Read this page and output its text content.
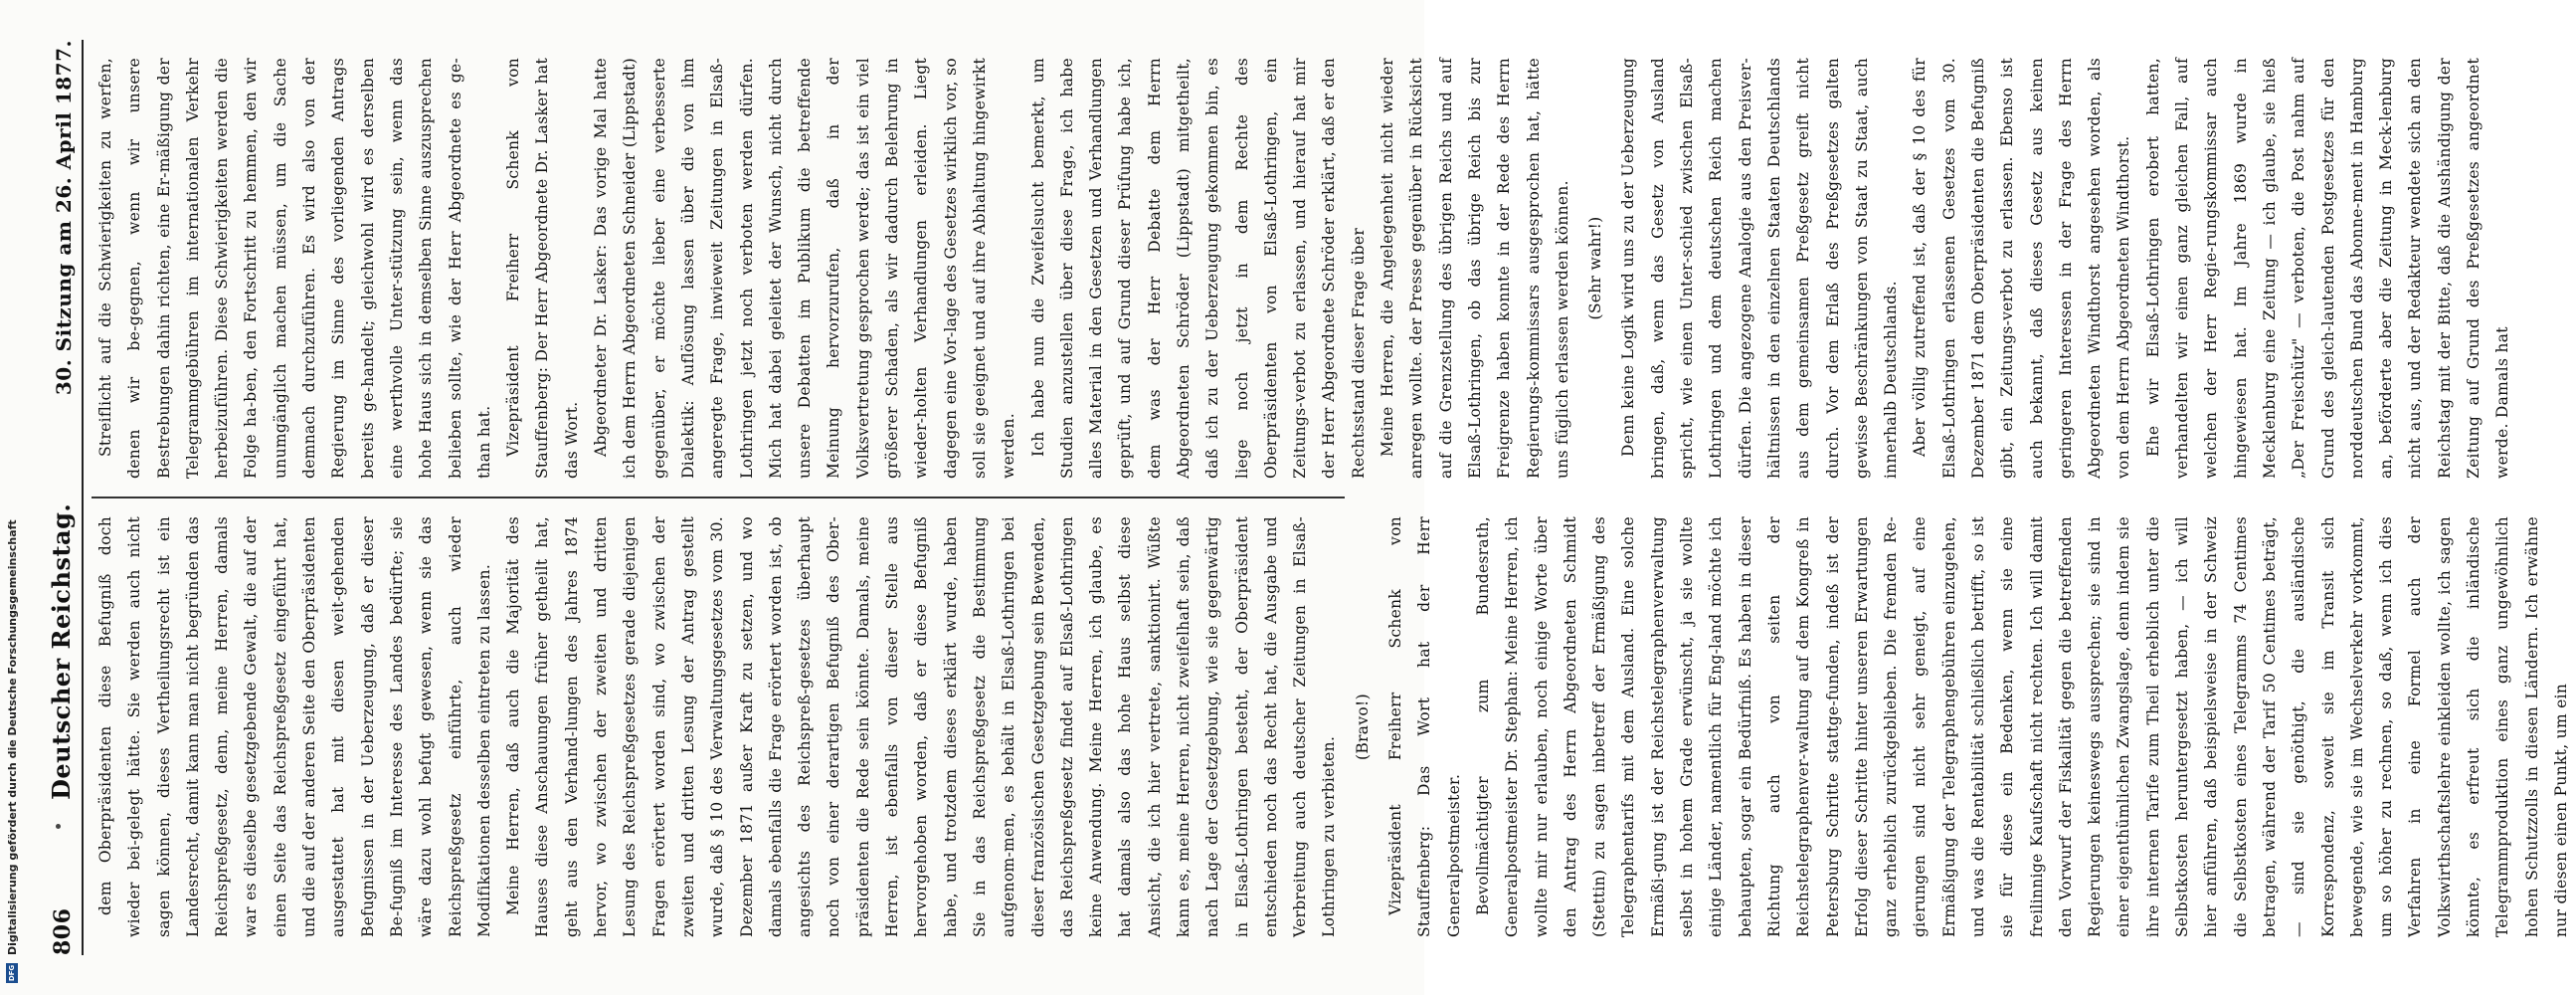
806
Deutscher Reichstag.
30. Sitzung am 26. April 1877.

dem Oberpräsidenten diese Befugniß doch wieder bei-gelegt hätte. Sie werden auch nicht sagen können, dieses Vertheilungsrecht ist ein Landesrecht, damit kann man nicht begründen das Reichspreßgesetz, denn, meine Herren, damals war es dieselbe gesetzgebende Gewalt, die auf der einen Seite das Reichspreßgesetz eingeführt hat, und die auf der anderen Seite den Oberpräsidenten ausgestattet hat mit diesen weit-gehenden Befugnissen in der Ueberzeugung, daß er dieser Be-fugniß im Interesse des Landes bedürfte; sie wäre dazu wohl befugt gewesen, wenn sie das Reichspreßgesetz einführte, auch wieder Modifikationen desselben eintreten zu lassen. Meine Herren, daß auch die Majorität des Hauses diese Anschauungen früher getheilt hat, geht aus den Verhand-lungen des Jahres 1874 hervor, wo zwischen der zweiten und dritten Lesung des Reichspreßgesetzes gerade diejenigen Fragen erörtert worden sind, wo zwischen der zweiten und dritten Lesung der Antrag gestellt wurde, daß § 10 des Verwaltungsgesetzes vom 30. Dezember 1871 außer Kraft zu setzen, und wo damals ebenfalls die Frage erörtert worden ist, ob angesichts des Reichspreß-gesetzes überhaupt noch von einer derartigen Befugniß des Ober-präsidenten die Rede sein könnte. Damals, meine Herren, ist ebenfalls von dieser Stelle aus hervorgehoben worden, daß er diese Befugniß habe, und trotzdem dieses erklärt wurde, haben Sie in das Reichspreßgesetz die Bestimmung aufgenom-men, es behält in Elsaß-Lothringen bei dieser französischen Gesetzgebung sein Bewenden, das Reichspreßgesetz findet auf Elsaß-Lothringen keine Anwendung. Meine Herren, ich glaube, es hat damals also das hohe Haus selbst diese Ansicht, die ich hier vertrete, sanktionirt. Wüßte kann es, meine Herren, nicht zweifelhaft sein, daß nach Lage der Gesetzgebung, wie sie gegenwärtig in Elsaß-Lothringen besteht, der Oberpräsident entschieden noch das Recht hat, die Ausgabe und Verbreitung auch deutscher Zeitungen in Elsaß-Lothringen zu verbieten.

(Bravo!) Vizepräsident Freiherr Schenk von Stauffenberg: Das Wort hat der Herr Generalpostmeister. Bevollmächtigter zum Bundesrath, Generalpostmeister Dr. Stephan: Meine Herren, ich wollte mir nur erlauben, noch einige Worte über den Antrag des Herrn Abgeordneten Schmidt (Stettin) zu sagen inbetreff der Ermäßigung des Telegraphentarifs mit dem Ausland. Eine solche Ermäßi-gung ist der Reichstelegraphenverwaltung selbst in hohem Grade erwünscht, ja sie wollte einige Länder, namentlich für Eng-land möchte ich behaupten, sogar ein Bedürfniß. Es haben in dieser Richtung auch von seiten der Reichstelegraphenver-waltung auf dem Kongreß in Petersburg Schritte stattge-funden, indeß ist der Erfolg dieser Schritte hinter unseren Erwartungen ganz erheblich zurückgeblieben. Die fremden Re-gierungen sind nicht sehr geneigt, auf eine Ermäßigung der Telegraphengebühren einzugehen, und was die Rentabilität schließlich betrifft, so ist sie für diese ein Bedenken, wenn sie eine freilinnige Kaufschaft nicht rechten. Ich will damit den Vorwurf der Fiskalität gegen die betreffenden Regierungen keineswegs aussprechen; sie sind in einer eigenthümlichen Zwangslage, denn indem sie ihre internen Tarife zum Theil erheblich unter die Selbstkosten heruntergesetzt haben, — ich will hier anführen, daß beispielsweise in der Schweiz die Selbstkosten eines Telegramms 74 Centimes betragen, während der Tarif 50 Centimes beträgt, — sind sie genöthigt, die ausländische Korrespondenz, soweit sie im Transit sich bewegende, wie sie im Wechselverkehr vorkommt, um so höher zu rechnen, so daß, wenn ich dies Verfahren in eine Formel auch der Volkswirthschaftslehre einkleiden wollte, ich sagen könnte, es erfreut sich die inländische Telegrammproduktion eines ganz ungewöhnlich hohen Schutzzolls in diesen Ländern. Ich erwähne nur diesen einen Punkt, um ein

Streiflicht auf die Schwierigkeiten zu werfen, denen wir be-gegnen, wenn wir unsere Bestrebungen dahin richten, eine Er-mäßigung der Telegrammgebühren im internationalen Verkehr herbeizuführen. Diese Schwierigkeiten werden die Folge ha-ben, den Fortschritt zu hemmen, den wir unumgänglich machen müssen, um die Sache demnach durchzuführen. Es wird also von der Regierung im Sinne des vorliegenden Antrags bereits ge-handelt; gleichwohl wird es derselben eine werthvolle Unter-stützung sein, wenn das hohe Haus sich in demselben Sinne auszusprechen belieben sollte, wie der Herr Abgeordnete es ge-than hat. Vizepräsident Freiherr Schenk von Stauffenberg: Der Herr Abgeordnete Dr. Lasker hat das Wort. Abgeordneter Dr. Lasker: Das vorige Mal hatte ich dem Herrn Abgeordneten Schneider (Lippstadt) gegenüber, er möchte lieber eine verbesserte Dialektik: Auflösung lassen über die von ihm angeregte Frage, inwieweit Zeitungen in Elsaß-Lothringen jetzt noch verboten werden dürfen. Mich hat dabei geleitet der Wunsch, nicht durch unsere Debatten im Publikum die betreffende Meinung hervorzurufen, daß in der Volksvertretung gesprochen werde; das ist ein viel größerer Schaden, als wir dadurch Belehrung in wieder-holten Verhandlungen erleiden. Liegt dagegen eine Vor-lage des Gesetzes wirklich vor, so soll sie geeignet und auf ihre Abhaltung hingewirkt werden. Ich habe nun die Zweifelsucht bemerkt, um Studien anzustellen über diese Frage, ich habe alles Material in den Gesetzen und Verhandlungen geprüft, und auf Grund dieser Prüfung habe ich, dem was der Herr Debatte dem Herrn Abgeordneten Schröder (Lippstadt) mitgetheilt, daß ich zu der Ueberzeugung gekommen bin, es liege noch jetzt in dem Rechte des Oberpräsidenten von Elsaß-Lothringen, ein Zeitungs-verbot zu erlassen, und hierauf hat mir der Herr Abgeordnete Schröder erklärt, daß er den Rechtsstand dieser Frage über Meine Herren, die Angelegenheit nicht wieder anregen wollte. der Presse gegenüber in Rücksicht auf die Grenzstellung des übrigen Reichs und auf Elsaß-Lothringen, ob das übrige Reich bis zur Freigrenze haben konnte in der Rede des Herrn Regierungs-kommissars ausgesprochen hat, hätte uns füglich erlassen werden können. (Sehr wahr!) Denn keine Logik wird uns zu der Ueberzeugung bringen, daß, wenn das Gesetz von Ausland spricht, wie einen Unter-schied zwischen Elsaß-Lothringen und dem deutschen Reich machen dürfen. Die angezogene Analogie aus den Preisver-hältnissen in den einzelnen Staaten Deutschlands aus dem gemeinsamen Preßgesetz greift nicht durch. Vor dem Erlaß des Preßgesetzes galten gewisse Beschränkungen von Staat zu Staat, auch innerhalb Deutschlands. Aber völlig zutreffend ist, daß der § 10 des für Elsaß-Lothringen erlassenen Gesetzes vom 30. Dezember 1871 dem Oberpräsidenten die Befugniß gibt, ein Zeitungs-verbot zu erlassen. Ebenso ist auch bekannt, daß dieses Gesetz aus keinen geringeren Interessen in der Frage des Herrn Abgeordneten Windthorst angesehen worden, als von dem Herrn Abgeordneten Windthorst. Ehe wir Elsaß-Lothringen erobert hatten, verhandelten wir einen ganz gleichen Fall, auf welchen der Herr Regie-rungskommissar auch hingewiesen hat. Im Jahre 1869 wurde in Mecklenburg eine Zeitung — ich glaube, sie hieß „Der Freischütz" — verboten, die Post nahm auf Grund des gleich-lautenden Postgesetzes für den norddeutschen Bund das Abonne-ment in Hamburg an, beförderte aber die Zeitung in Meck-lenburg nicht aus, und der Redakteur wendete sich an den Reichstag mit der Bitte, daß die Aushändigung der Zeitung auf Grund des Preßgesetzes angeordnet werde. Damals hat

DFG
Digitalisierung gefördert durch die Deutsche Forschungsgemeinschaft
